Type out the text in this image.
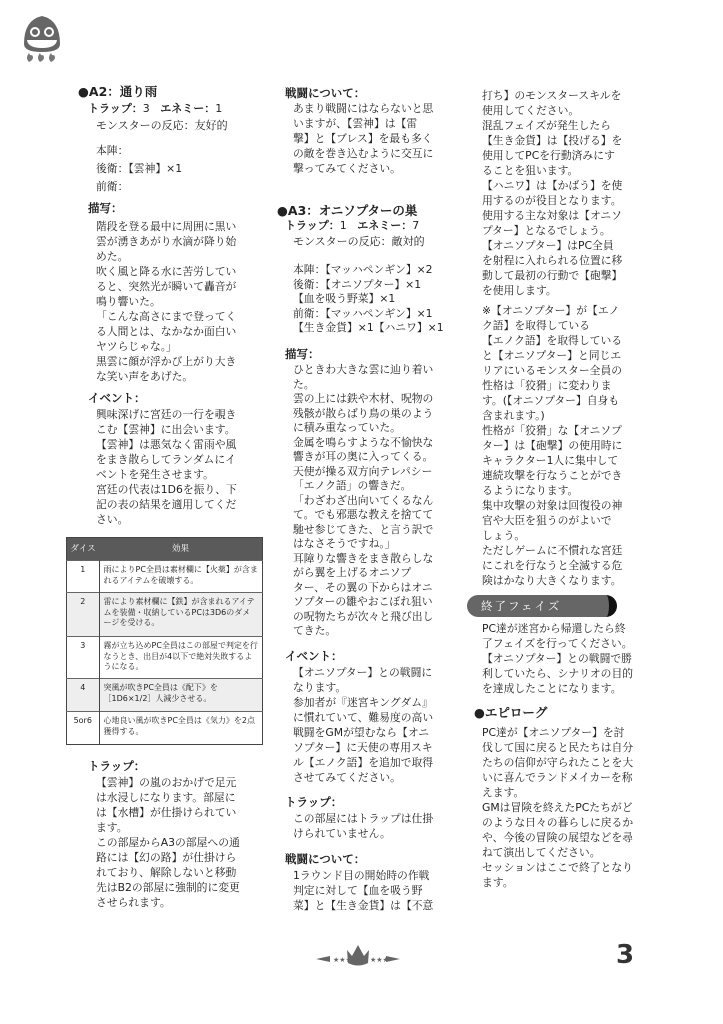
●A2：通り雨
トラップ：3 エネミー：1
モンスターの反応：友好的
本陣：
後衛：【雲神】×1
前衛：
描写：
階段を登る最中に周囲に黒い
雲が湧きあがり水滴が降り始
めた。
吹く風と降る水に苦労してい
ると、突然光が瞬いて轟音が
鳴り響いた。
「こんな高さにまで登ってく
る人間とは、なかなか面白い
ヤツらじゃな。」
黒雲に顔が浮かび上がり大き
な笑い声をあげた。
イベント：
興味深げに宮廷の一行を覗き
こむ【雲神】に出会います。
【雲神】は悪気なく雷雨や風
をまき散らしてランダムにイ
ベントを発生させます。
宮廷の代表は1D6を振り、下
記の表の結果を適用してくだ
さい。
ダイス	効果
1	雨によりPC全員は素材欄に【火薬】が含まれるアイテムを破壊する。
2	雷により素材欄に【鉄】が含まれるアイテムを装備・収納しているPCは3D6のダメージを受ける。
3	霧が立ち込めPC全員はこの部屋で判定を行なうとき、出目が4以下で絶対失敗するようになる。
4	突風が吹きPC全員は《配下》を［1D6×1/2］人減少させる。
5or6	心地良い風が吹きPC全員は《気力》を2点獲得する。
トラップ：
【雲神】の嵐のおかげで足元
は水浸しになります。部屋に
は【水槽】が仕掛けられてい
ます。
この部屋からA3の部屋への通
路には【幻の路】が仕掛けら
れており、解除しないと移動
先はB2の部屋に強制的に変更
させられます。
戦闘について：
あまり戦闘にはならないと思
いますが、【雲神】は【雷
撃】と【ブレス】を最も多く
の敵を巻き込むように交互に
撃ってみてください。
●A3：オニソプターの巣
トラップ：1 エネミー：7
モンスターの反応：敵対的
本陣：【マッハペンギン】×2
後衛：【オニソプター】×1
【血を吸う野菜】×1
前衛：【マッハペンギン】×1
【生き金貨】×1【ハニワ】×1
描写：
ひときわ大きな雲に辿り着い
た。
雲の上には鉄や木材、呪物の
残骸が散らばり鳥の巣のよう
に積み重なっていた。
金属を鳴らすような不愉快な
響きが耳の奥に入ってくる。
天使が操る双方向テレパシー
「エノク語」の響きだ。
「わざわざ出向いてくるなん
て。でも邪悪な教えを捨てて
馳せ参じてきた、と言う訳で
はなさそうですね。」
耳障りな響きをまき散らしな
がら翼を上げるオニソプ
ター、その翼の下からはオニ
ソプターの雛やおこぼれ狙い
の呪物たちが次々と飛び出し
てきた。
イベント：
【オニソプター】との戦闘に
なります。
参加者が『迷宮キングダム』
に慣れていて、難易度の高い
戦闘をGMが望むなら【オニ
ソプター】に天使の専用スキ
ル【エノク語】を追加で取得
させてみてください。
トラップ：
この部屋にはトラップは仕掛
けられていません。
戦闘について：
1ラウンド目の開始時の作戦
判定に対して【血を吸う野
菜】と【生き金貨】は【不意
打ち】のモンスタースキルを
使用してください。
混乱フェイズが発生したら
【生き金貨】は【投げる】を
使用してPCを行動済みにす
ることを狙います。
【ハニワ】は【かばう】を使
用するのが役目となります。
使用する主な対象は【オニソ
プター】となるでしょう。
【オニソプター】はPC全員
を射程に入れられる位置に移
動して最初の行動で【砲撃】
を使用します。
※【オニソプター】が【エノ
ク語】を取得している
【エノク語】を取得している
と【オニソプター】と同じエ
リアにいるモンスター全員の
性格は「狡猾」に変わりま
す。(【オニソプター】自身も
含まれます。)
性格が「狡猾」な【オニソプ
ター】は【砲撃】の使用時に
キャラクター1人に集中して
連続攻撃を行なうことができ
るようになります。
集中攻撃の対象は回復役の神
官や大臣を狙うのがよいで
しょう。
ただしゲームに不慣れな宮廷
にこれを行なうと全滅する危
険はかなり大きくなります。
終了フェイズ
PC達が迷宮から帰還したら終
了フェイズを行ってください。
【オニソプター】との戦闘で勝
利していたら、シナリオの目的
を達成したことになります。
●エピローグ
PC達が【オニソプター】を討
伐して国に戻ると民たちは自分
たちの信仰が守られたことを大
いに喜んでランドメイカーを称
えます。
GMは冒険を終えたPCたちがど
のような日々の暮らしに戻るか
や、今後の冒険の展望などを尋
ねて演出してください。
セッションはここで終了となり
ます。
★★★	★★★	3
